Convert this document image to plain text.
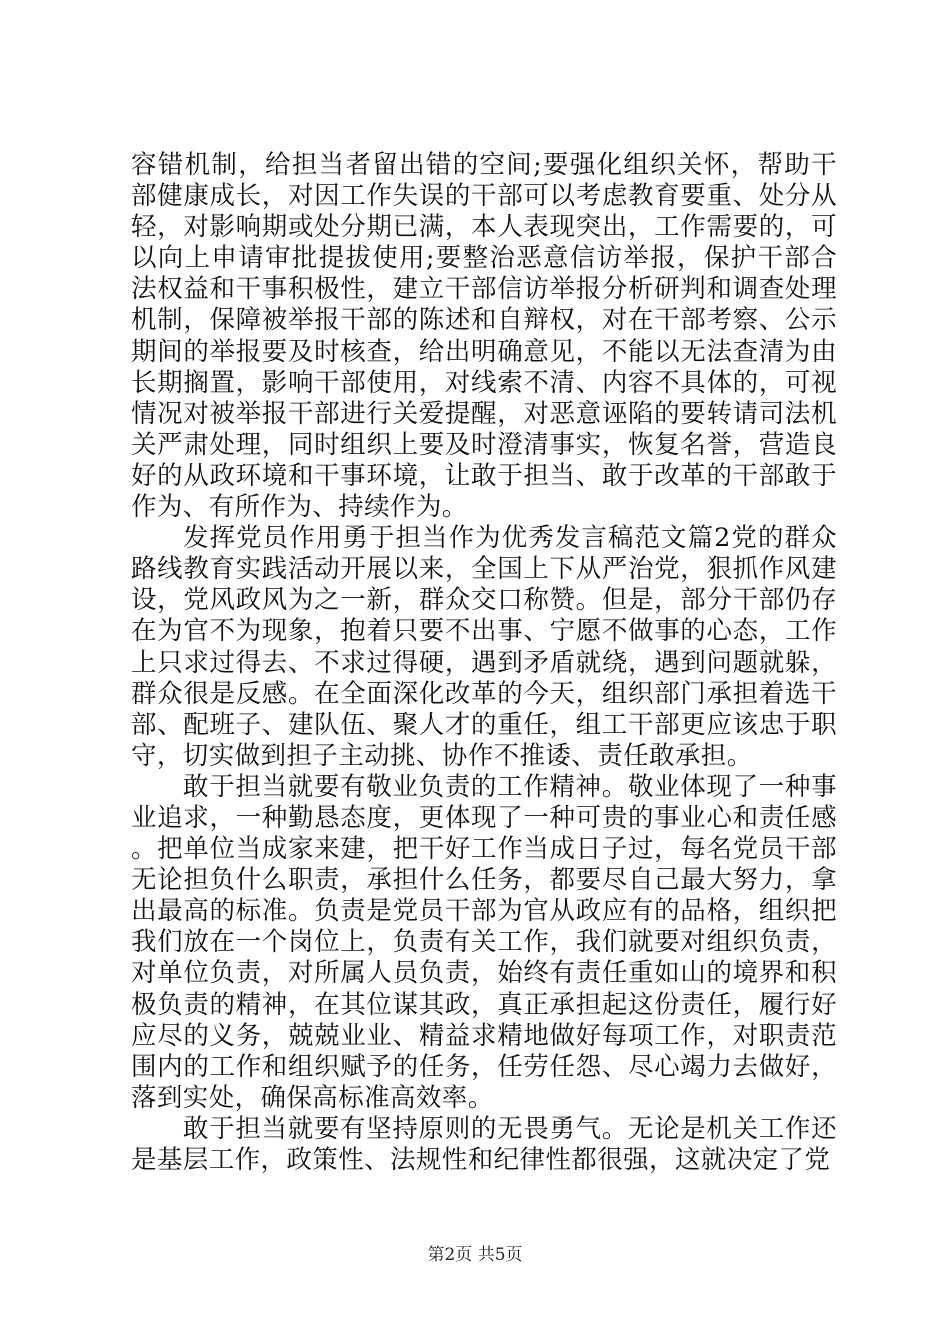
容错机制，给担当者留出错的空间;要强化组织关怀，帮助干部健康成长，对因工作失误的干部可以考虑教育要重、处分从轻，对影响期或处分期已满，本人表现突出，工作需要的，可以向上申请审批提拔使用;要整治恶意信访举报，保护干部合法权益和干事积极性，建立干部信访举报分析研判和调查处理机制，保障被举报干部的陈述和自辩权，对在干部考察、公示期间的举报要及时核查，给出明确意见，不能以无法查清为由长期搁置，影响干部使用，对线索不清、内容不具体的，可视情况对被举报干部进行关爱提醒，对恶意诬陷的要转请司法机关严肃处理，同时组织上要及时澄清事实，恢复名誉，营造良好的从政环境和干事环境，让敢于担当、敢于改革的干部敢于作为、有所作为、持续作为。

发挥党员作用勇于担当作为优秀发言稿范文篇2党的群众路线教育实践活动开展以来，全国上下从严治党，狠抓作风建设，党风政风为之一新，群众交口称赞。但是，部分干部仍存在为官不为现象，抱着只要不出事、宁愿不做事的心态，工作上只求过得去、不求过得硬，遇到矛盾就绕，遇到问题就躲，群众很是反感。在全面深化改革的今天，组织部门承担着选干部、配班子、建队伍、聚人才的重任，组工干部更应该忠于职守，切实做到担子主动挑、协作不推诿、责任敢承担。

敢于担当就要有敬业负责的工作精神。敬业体现了一种事业追求，一种勤恳态度，更体现了一种可贵的事业心和责任感。把单位当成家来建，把干好工作当成日子过，每名党员干部无论担负什么职责，承担什么任务，都要尽自己最大努力，拿出最高的标准。负责是党员干部为官从政应有的品格，组织把我们放在一个岗位上，负责有关工作，我们就要对组织负责，对单位负责，对所属人员负责，始终有责任重如山的境界和积极负责的精神，在其位谋其政，真正承担起这份责任，履行好应尽的义务，兢兢业业、精益求精地做好每项工作，对职责范围内的工作和组织赋予的任务，任劳任怨、尽心竭力去做好，落到实处，确保高标准高效率。

敢于担当就要有坚持原则的无畏勇气。无论是机关工作还是基层工作，政策性、法规性和纪律性都很强，这就决定了党

第2页 共5页
